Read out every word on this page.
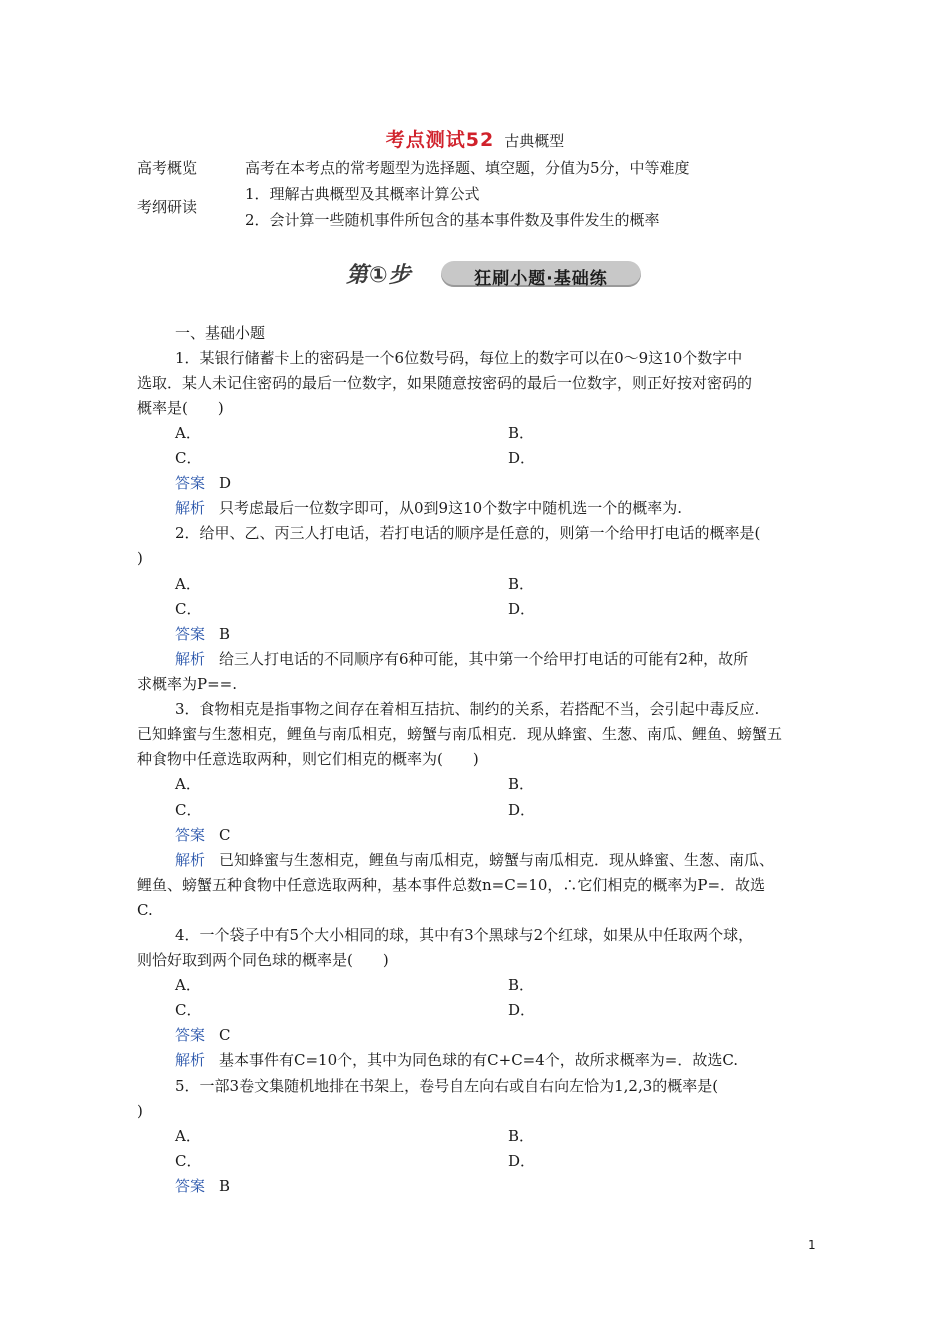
考点测试52 古典概型
高考概览	高考在本考点的常考题型为选择题、填空题，分值为5分，中等难度
考纲研读
1．理解古典概型及其概率计算公式
2．会计算一些随机事件所包含的基本事件数及事件发生的概率
第①步	狂刷小题·基础练
一、基础小题
1．某银行储蓄卡上的密码是一个6位数号码，每位上的数字可以在0～9这10个数字中
选取．某人未记住密码的最后一位数字，如果随意按密码的最后一位数字，则正好按对密码的
概率是(　　)
A．	B．
C．	D．
答案 D
解析 只考虑最后一位数字即可，从0到9这10个数字中随机选一个的概率为.
2．给甲、乙、丙三人打电话，若打电话的顺序是任意的，则第一个给甲打电话的概率是(
)
A．	B．
C．	D．
答案 B
解析 给三人打电话的不同顺序有6种可能，其中第一个给甲打电话的可能有2种，故所
求概率为P==.
3．食物相克是指事物之间存在着相互拮抗、制约的关系，若搭配不当，会引起中毒反应.
已知蜂蜜与生葱相克，鲤鱼与南瓜相克，螃蟹与南瓜相克．现从蜂蜜、生葱、南瓜、鲤鱼、螃蟹五
种食物中任意选取两种，则它们相克的概率为(　　)
A．	B．
C．	D．
答案 C
解析 已知蜂蜜与生葱相克，鲤鱼与南瓜相克，螃蟹与南瓜相克．现从蜂蜜、生葱、南瓜、
鲤鱼、螃蟹五种食物中任意选取两种，基本事件总数n=C=10，∴它们相克的概率为P=．故选
C.
4．一个袋子中有5个大小相同的球，其中有3个黑球与2个红球，如果从中任取两个球，
则恰好取到两个同色球的概率是(　　)
A．	B．
C．	D．
答案 C
解析 基本事件有C=10个，其中为同色球的有C+C=4个，故所求概率为=．故选C.
5．一部3卷文集随机地排在书架上，卷号自左向右或自右向左恰为1,2,3的概率是(
)
A．	B．
C．	D．
答案 B
1
